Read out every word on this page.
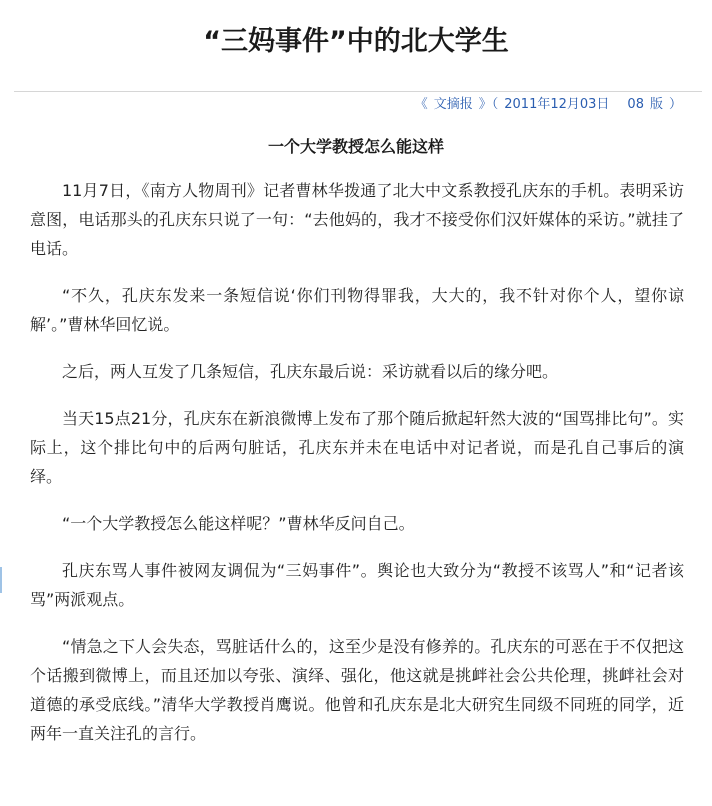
“三妈事件”中的北大学生
《 文摘报 》（ 2011年12月03日 08 版 ）
一个大学教授怎么能这样

11月7日，《南方人物周刊》记者曹林华拨通了北大中文系教授孔庆东的手机。表明采访意图，电话那头的孔庆东只说了一句：“去他妈的，我才不接受你们汉奸媒体的采访。”就挂了电话。

“不久，孔庆东发来一条短信说‘你们刊物得罪我，大大的，我不针对你个人，望你谅解’。”曹林华回忆说。

之后，两人互发了几条短信，孔庆东最后说：采访就看以后的缘分吧。

当天15点21分，孔庆东在新浪微博上发布了那个随后掀起轩然大波的“国骂排比句”。实际上，这个排比句中的后两句脏话，孔庆东并未在电话中对记者说，而是孔自己事后的演绎。

“一个大学教授怎么能这样呢？”曹林华反问自己。

孔庆东骂人事件被网友调侃为“三妈事件”。舆论也大致分为“教授不该骂人”和“记者该骂”两派观点。

“情急之下人会失态，骂脏话什么的，这至少是没有修养的。孔庆东的可恶在于不仅把这个话搬到微博上，而且还加以夸张、演绎、强化，他这就是挑衅社会公共伦理，挑衅社会对道德的承受底线。”清华大学教授肖鹰说。他曾和孔庆东是北大研究生同级不同班的同学，近两年一直关注孔的言行。
